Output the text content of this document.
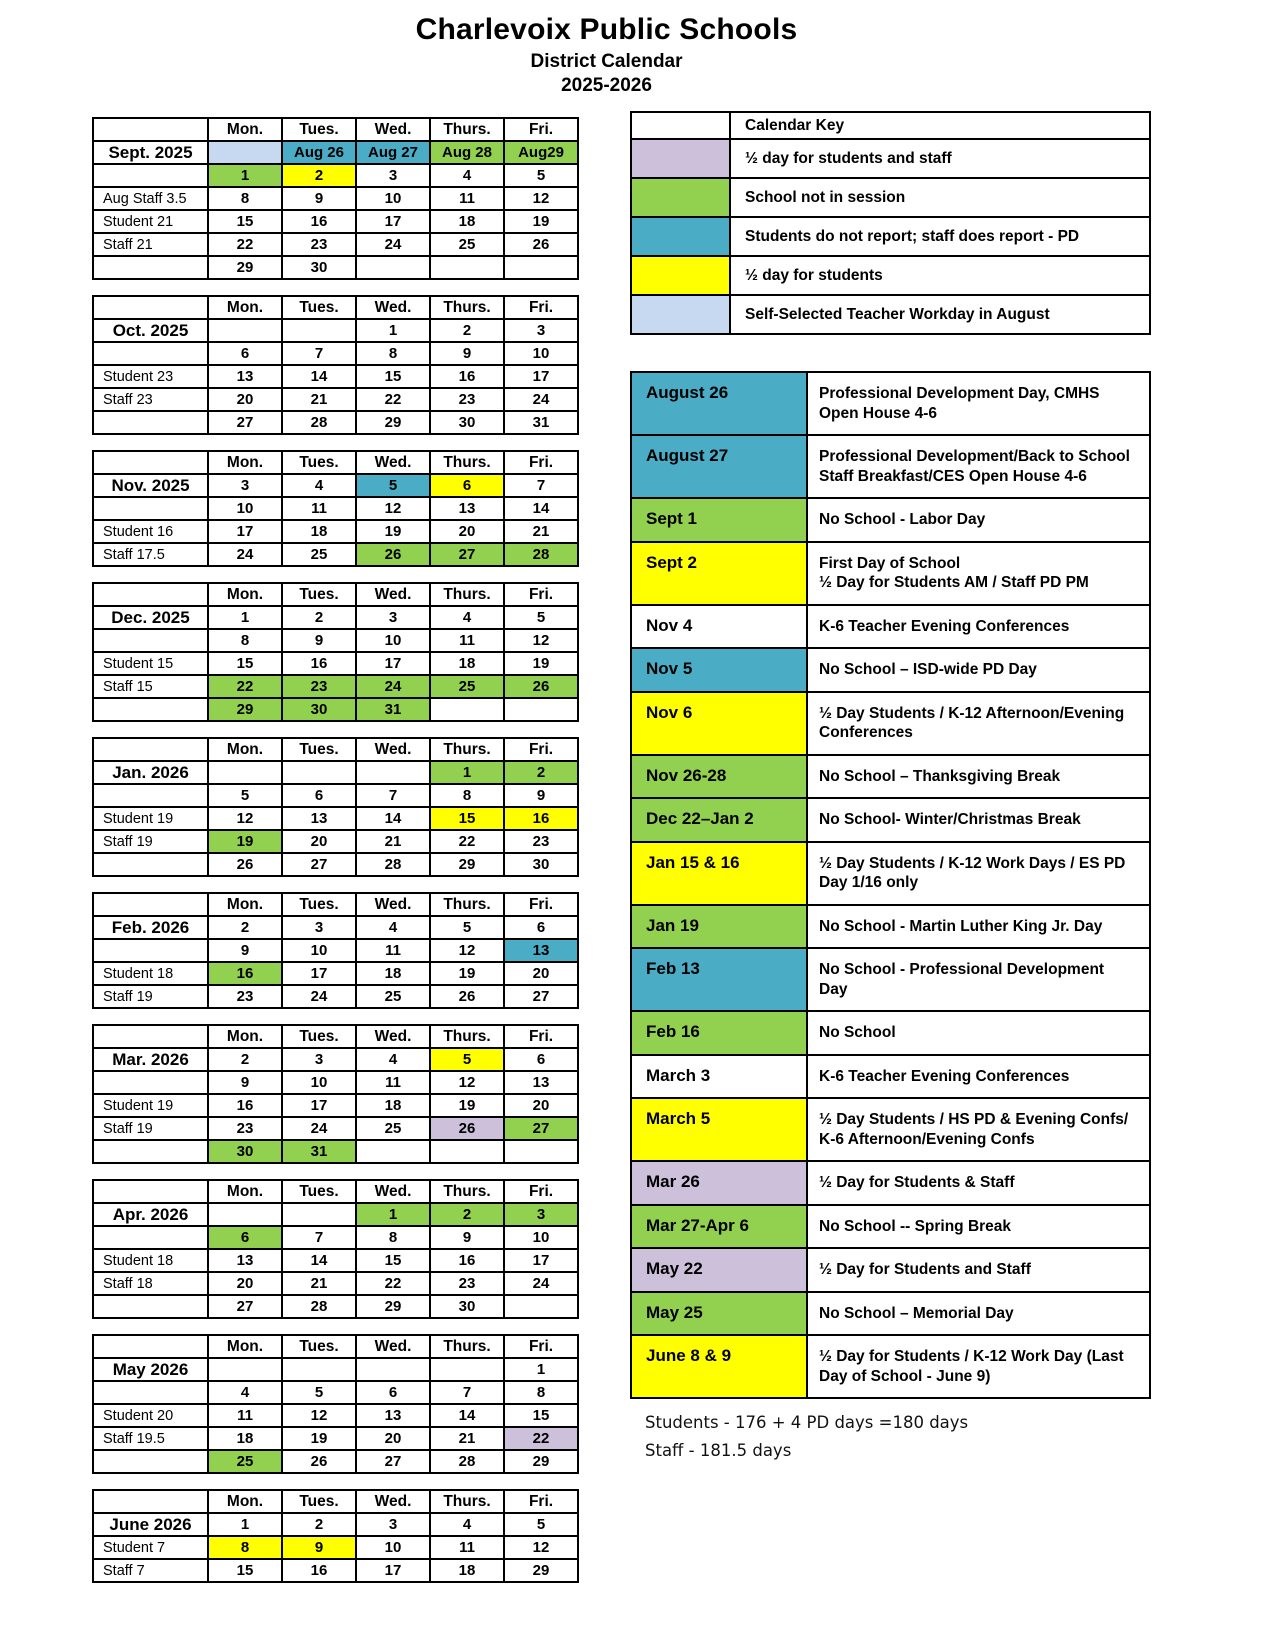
Charlevoix Public Schools
District Calendar
2025-2026
	Mon.	Tues.	Wed.	Thurs.	Fri.
Sept. 2025		Aug 26	Aug 27	Aug 28	Aug29
	1	2	3	4	5
Aug Staff 3.5	8	9	10	11	12
Student 21	15	16	17	18	19
Staff 21	22	23	24	25	26
	29	30			
	Mon.	Tues.	Wed.	Thurs.	Fri.
Oct. 2025			1	2	3
	6	7	8	9	10
Student 23	13	14	15	16	17
Staff 23	20	21	22	23	24
	27	28	29	30	31
	Mon.	Tues.	Wed.	Thurs.	Fri.
Nov. 2025	3	4	5	6	7
	10	11	12	13	14
Student 16	17	18	19	20	21
Staff 17.5	24	25	26	27	28
	Mon.	Tues.	Wed.	Thurs.	Fri.
Dec. 2025	1	2	3	4	5
	8	9	10	11	12
Student 15	15	16	17	18	19
Staff 15	22	23	24	25	26
	29	30	31		
	Mon.	Tues.	Wed.	Thurs.	Fri.
Jan. 2026				1	2
	5	6	7	8	9
Student 19	12	13	14	15	16
Staff 19	19	20	21	22	23
	26	27	28	29	30
	Mon.	Tues.	Wed.	Thurs.	Fri.
Feb. 2026	2	3	4	5	6
	9	10	11	12	13
Student 18	16	17	18	19	20
Staff 19	23	24	25	26	27
	Mon.	Tues.	Wed.	Thurs.	Fri.
Mar. 2026	2	3	4	5	6
	9	10	11	12	13
Student 19	16	17	18	19	20
Staff 19	23	24	25	26	27
	30	31			
	Mon.	Tues.	Wed.	Thurs.	Fri.
Apr. 2026			1	2	3
	6	7	8	9	10
Student 18	13	14	15	16	17
Staff 18	20	21	22	23	24
	27	28	29	30	
	Mon.	Tues.	Wed.	Thurs.	Fri.
May 2026					1
	4	5	6	7	8
Student 20	11	12	13	14	15
Staff 19.5	18	19	20	21	22
	25	26	27	28	29
	Mon.	Tues.	Wed.	Thurs.	Fri.
June 2026	1	2	3	4	5
Student 7	8	9	10	11	12
Staff 7	15	16	17	18	29
	Calendar Key
	½ day for students and staff
	School not in session
	Students do not report; staff does report - PD
	½ day for students
	Self-Selected Teacher Workday in August
August 26	Professional Development Day, CMHS Open House 4-6

August 27	Professional Development/Back to School Staff Breakfast/CES Open House 4-6

Sept 1	No School - Labor Day

Sept 2	First Day of School
½ Day for Students AM / Staff PD PM

Nov 4	K-6 Teacher Evening Conferences

Nov 5	No School – ISD-wide PD Day

Nov 6	½ Day Students / K-12 Afternoon/Evening Conferences

Nov 26-28	No School – Thanksgiving Break

Dec 22–Jan 2	No School- Winter/Christmas Break

Jan 15 & 16	½ Day Students / K-12 Work Days / ES PD Day 1/16 only

Jan 19	No School - Martin Luther King Jr. Day

Feb 13	No School - Professional Development Day

Feb 16	No School

March 3	K-6 Teacher Evening Conferences

March 5	½ Day Students / HS PD & Evening Confs/ K-6 Afternoon/Evening Confs

Mar 26	½ Day for Students & Staff

Mar 27-Apr 6	No School -- Spring Break

May 22	½ Day for Students and Staff

May 25	No School – Memorial Day

June 8 & 9	½ Day for Students / K-12 Work Day (Last Day of School - June 9)
Students - 176 + 4 PD days =180 days
Staff - 181.5 days
